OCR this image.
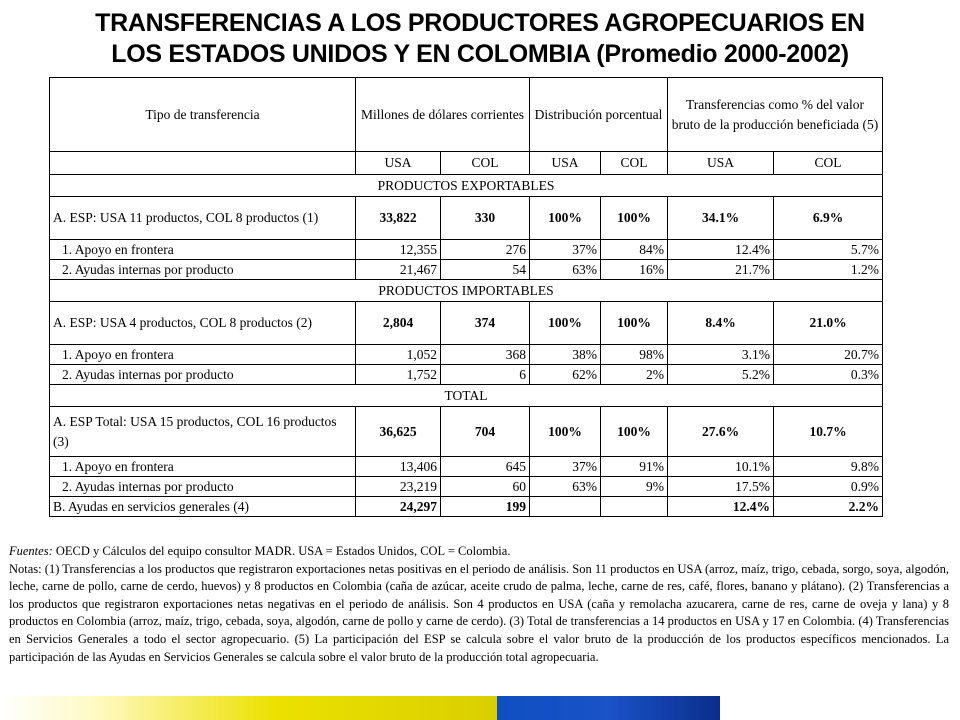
TRANSFERENCIAS A LOS PRODUCTORES AGROPECUARIOS EN
LOS ESTADOS UNIDOS Y EN COLOMBIA (Promedio 2000-2002)
Tipo de transferencia	Millones de dólares corrientes		Distribución porcentual		Transferencias como % del valor bruto de la producción beneficiada (5)	
	USA	COL	USA	COL	USA	COL
PRODUCTOS EXPORTABLES						
A. ESP: USA 11 productos, COL 8 productos (1)	33,822	330	100%	100%	34.1%	6.9%
1. Apoyo en frontera	12,355	276	37%	84%	12.4%	5.7%
2. Ayudas internas por producto	21,467	54	63%	16%	21.7%	1.2%
PRODUCTOS IMPORTABLES						
A. ESP: USA 4 productos, COL 8 productos (2)	2,804	374	100%	100%	8.4%	21.0%
1. Apoyo en frontera	1,052	368	38%	98%	3.1%	20.7%
2. Ayudas internas por producto	1,752	6	62%	2%	5.2%	0.3%
TOTAL						
A. ESP Total: USA 15 productos, COL 16 productos (3)	36,625	704	100%	100%	27.6%	10.7%
1. Apoyo en frontera	13,406	645	37%	91%	10.1%	9.8%
2. Ayudas internas por producto	23,219	60	63%	9%	17.5%	0.9%
B. Ayudas en servicios generales (4)	24,297	199			12.4%	2.2%

Fuentes: OECD y Cálculos del equipo consultor MADR. USA = Estados Unidos, COL = Colombia.

Notas: (1) Transferencias a los productos que registraron exportaciones netas positivas en el periodo de análisis. Son 11 productos en USA (arroz, maíz, trigo, cebada, sorgo, soya, algodón, leche, carne de pollo, carne de cerdo, huevos) y 8 productos en Colombia (caña de azúcar, aceite crudo de palma, leche, carne de res, café, flores, banano y plátano). (2) Transferencias a los productos que registraron exportaciones netas negativas en el periodo de análisis. Son 4 productos en USA (caña y remolacha azucarera, carne de res, carne de oveja y lana) y 8 productos en Colombia (arroz, maíz, trigo, cebada, soya, algodón, carne de pollo y carne de cerdo). (3) Total de transferencias a 14 productos en USA y 17 en Colombia. (4) Transferencias en Servicios Generales a todo el sector agropecuario. (5) La participación del ESP se calcula sobre el valor bruto de la producción de los productos específicos mencionados. La participación de las Ayudas en Servicios Generales se calcula sobre el valor bruto de la producción total agropecuaria.
